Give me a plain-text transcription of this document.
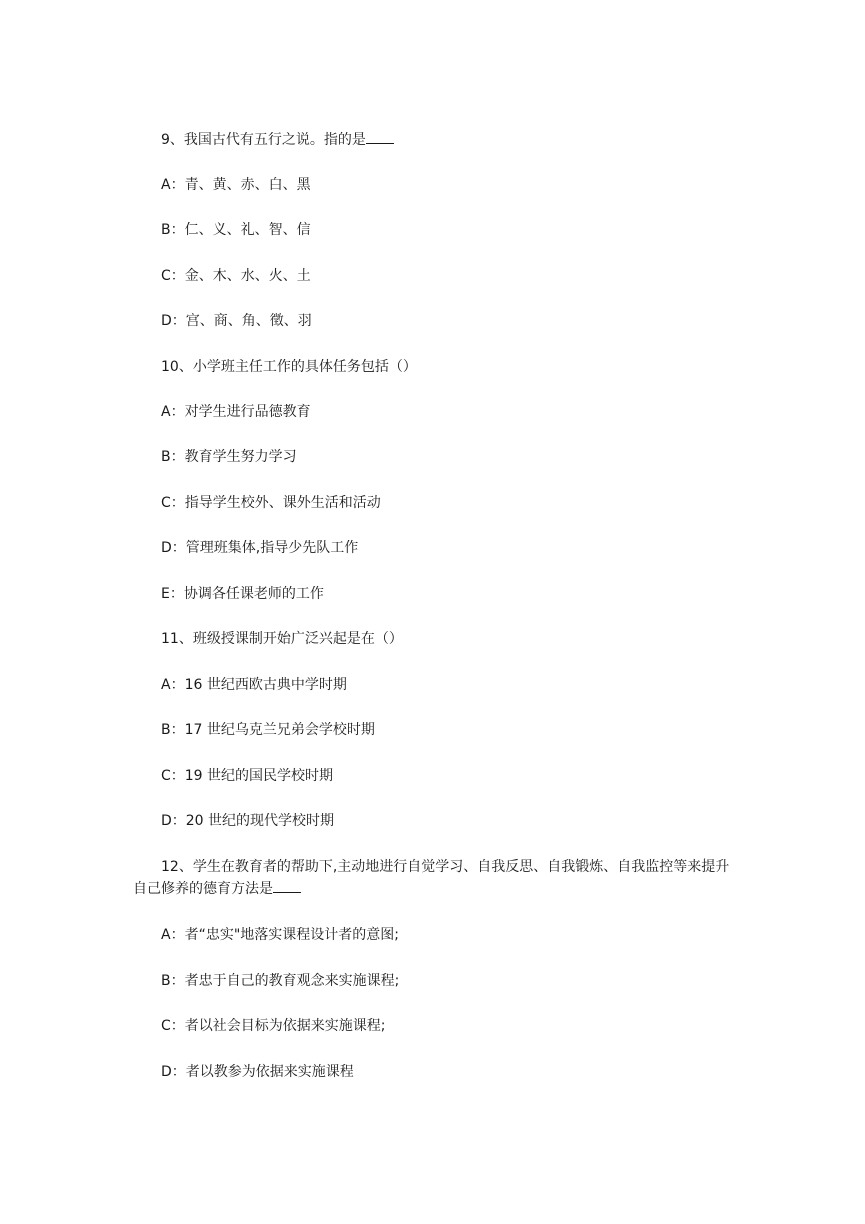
9、我国古代有五行之说。指的是
A：青、黄、赤、白、黑
B：仁、义、礼、智、信
C：金、木、水、火、土
D：宫、商、角、徵、羽
10、小学班主任工作的具体任务包括（）
A：对学生进行品德教育
B：教育学生努力学习
C：指导学生校外、课外生活和活动
D：管理班集体,指导少先队工作
E：协调各任课老师的工作
11、班级授课制开始广泛兴起是在（）
A：16 世纪西欧古典中学时期
B：17 世纪乌克兰兄弟会学校时期
C：19 世纪的国民学校时期
D：20 世纪的现代学校时期
12、学生在教育者的帮助下,主动地进行自觉学习、自我反思、自我锻炼、自我监控等来提升自己修养的德育方法是
A：者“忠实"地落实课程设计者的意图;
B：者忠于自己的教育观念来实施课程;
C：者以社会目标为依据来实施课程;
D：者以教参为依据来实施课程
